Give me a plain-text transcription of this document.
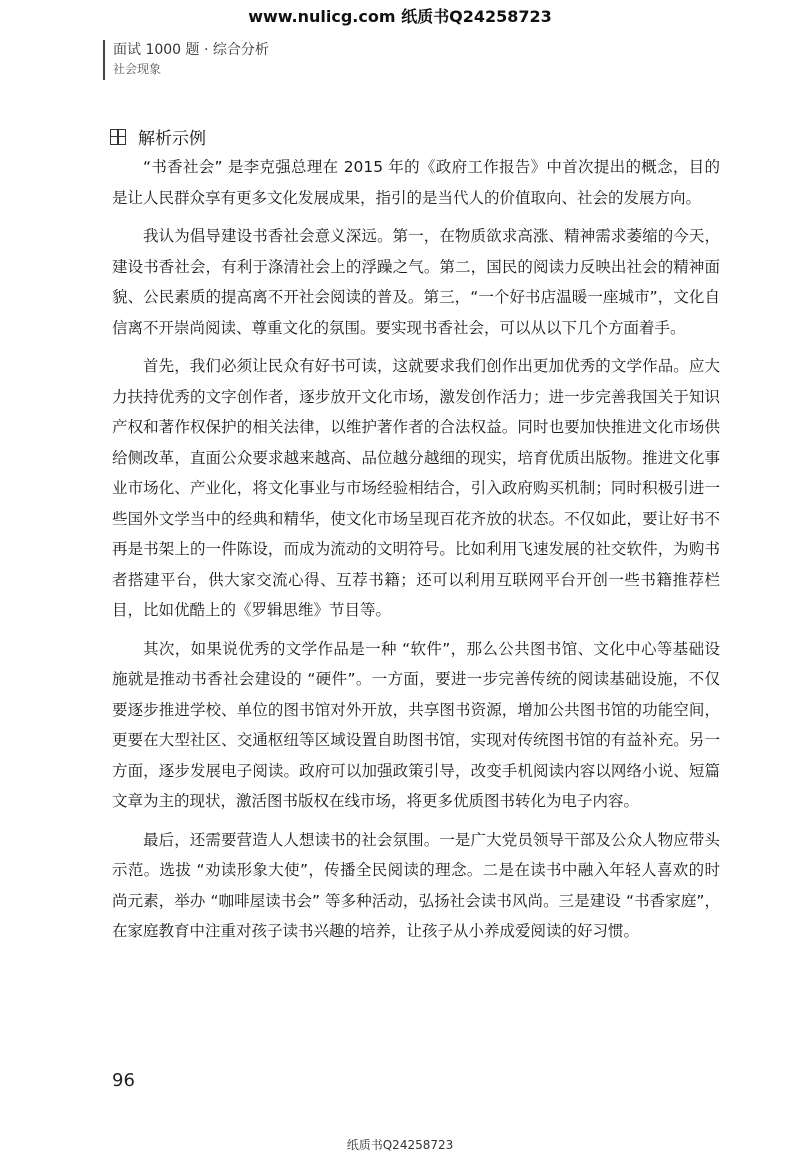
www.nulicg.com 纸质书Q24258723
面试 1000 题 · 综合分析
社会现象
解析示例

“书香社会” 是李克强总理在 2015 年的《政府工作报告》中首次提出的概念，目的是让人民群众享有更多文化发展成果，指引的是当代人的价值取向、社会的发展方向。

我认为倡导建设书香社会意义深远。第一，在物质欲求高涨、精神需求萎缩的今天，建设书香社会，有利于涤清社会上的浮躁之气。第二，国民的阅读力反映出社会的精神面貌、公民素质的提高离不开社会阅读的普及。第三，“一个好书店温暖一座城市”，文化自信离不开崇尚阅读、尊重文化的氛围。要实现书香社会，可以从以下几个方面着手。

首先，我们必须让民众有好书可读，这就要求我们创作出更加优秀的文学作品。应大力扶持优秀的文字创作者，逐步放开文化市场，激发创作活力；进一步完善我国关于知识产权和著作权保护的相关法律，以维护著作者的合法权益。同时也要加快推进文化市场供给侧改革，直面公众要求越来越高、品位越分越细的现实，培育优质出版物。推进文化事业市场化、产业化，将文化事业与市场经验相结合，引入政府购买机制；同时积极引进一些国外文学当中的经典和精华，使文化市场呈现百花齐放的状态。不仅如此，要让好书不再是书架上的一件陈设，而成为流动的文明符号。比如利用飞速发展的社交软件，为购书者搭建平台，供大家交流心得、互荐书籍；还可以利用互联网平台开创一些书籍推荐栏目，比如优酷上的《罗辑思维》节目等。

其次，如果说优秀的文学作品是一种 “软件”，那么公共图书馆、文化中心等基础设施就是推动书香社会建设的 “硬件”。一方面，要进一步完善传统的阅读基础设施，不仅要逐步推进学校、单位的图书馆对外开放，共享图书资源，增加公共图书馆的功能空间，更要在大型社区、交通枢纽等区域设置自助图书馆，实现对传统图书馆的有益补充。另一方面，逐步发展电子阅读。政府可以加强政策引导，改变手机阅读内容以网络小说、短篇文章为主的现状，激活图书版权在线市场，将更多优质图书转化为电子内容。

最后，还需要营造人人想读书的社会氛围。一是广大党员领导干部及公众人物应带头示范。选拔 “劝读形象大使”，传播全民阅读的理念。二是在读书中融入年轻人喜欢的时尚元素，举办 “咖啡屋读书会” 等多种活动，弘扬社会读书风尚。三是建设 “书香家庭”，在家庭教育中注重对孩子读书兴趣的培养，让孩子从小养成爱阅读的好习惯。

96
纸质书Q24258723
